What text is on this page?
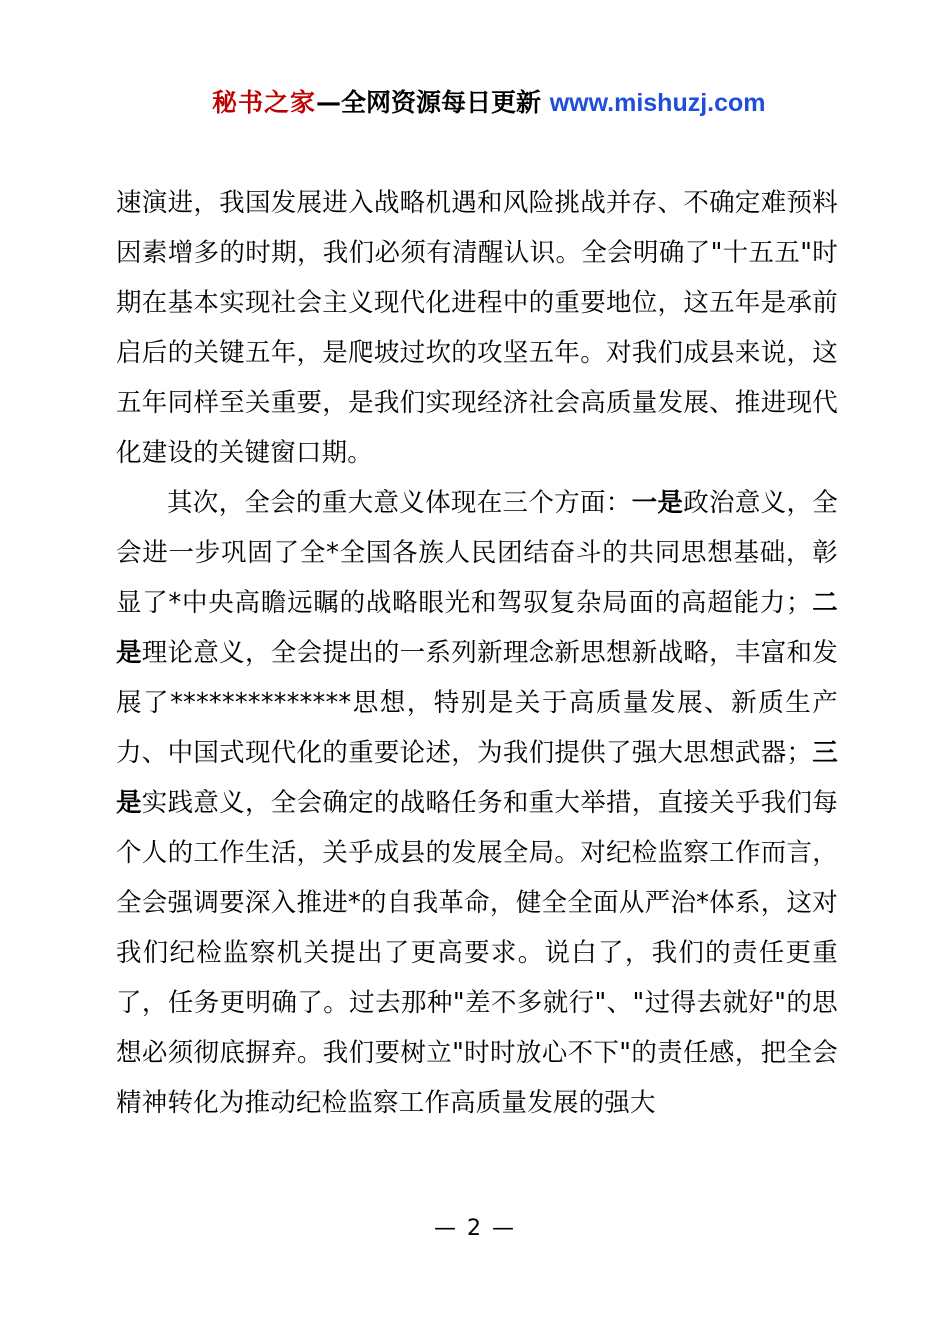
秘书之家—全网资源每日更新 www.mishuzj.com

速演进，我国发展进入战略机遇和风险挑战并存、不确定难预料因素增多的时期，我们必须有清醒认识。全会明确了"十五五"时期在基本实现社会主义现代化进程中的重要地位，这五年是承前启后的关键五年，是爬坡过坎的攻坚五年。对我们成县来说，这五年同样至关重要，是我们实现经济社会高质量发展、推进现代化建设的关键窗口期。

其次，全会的重大意义体现在三个方面：一是政治意义，全会进一步巩固了全*全国各族人民团结奋斗的共同思想基础，彰显了*中央高瞻远瞩的战略眼光和驾驭复杂局面的高超能力；二是理论意义，全会提出的一系列新理念新思想新战略，丰富和发展了**************思想，特别是关于高质量发展、新质生产力、中国式现代化的重要论述，为我们提供了强大思想武器；三是实践意义，全会确定的战略任务和重大举措，直接关乎我们每个人的工作生活，关乎成县的发展全局。对纪检监察工作而言，全会强调要深入推进*的自我革命，健全全面从严治*体系，这对我们纪检监察机关提出了更高要求。说白了，我们的责任更重了，任务更明确了。过去那种"差不多就行"、"过得去就好"的思想必须彻底摒弃。我们要树立"时时放心不下"的责任感，把全会精神转化为推动纪检监察工作高质量发展的强大

— 2 —
